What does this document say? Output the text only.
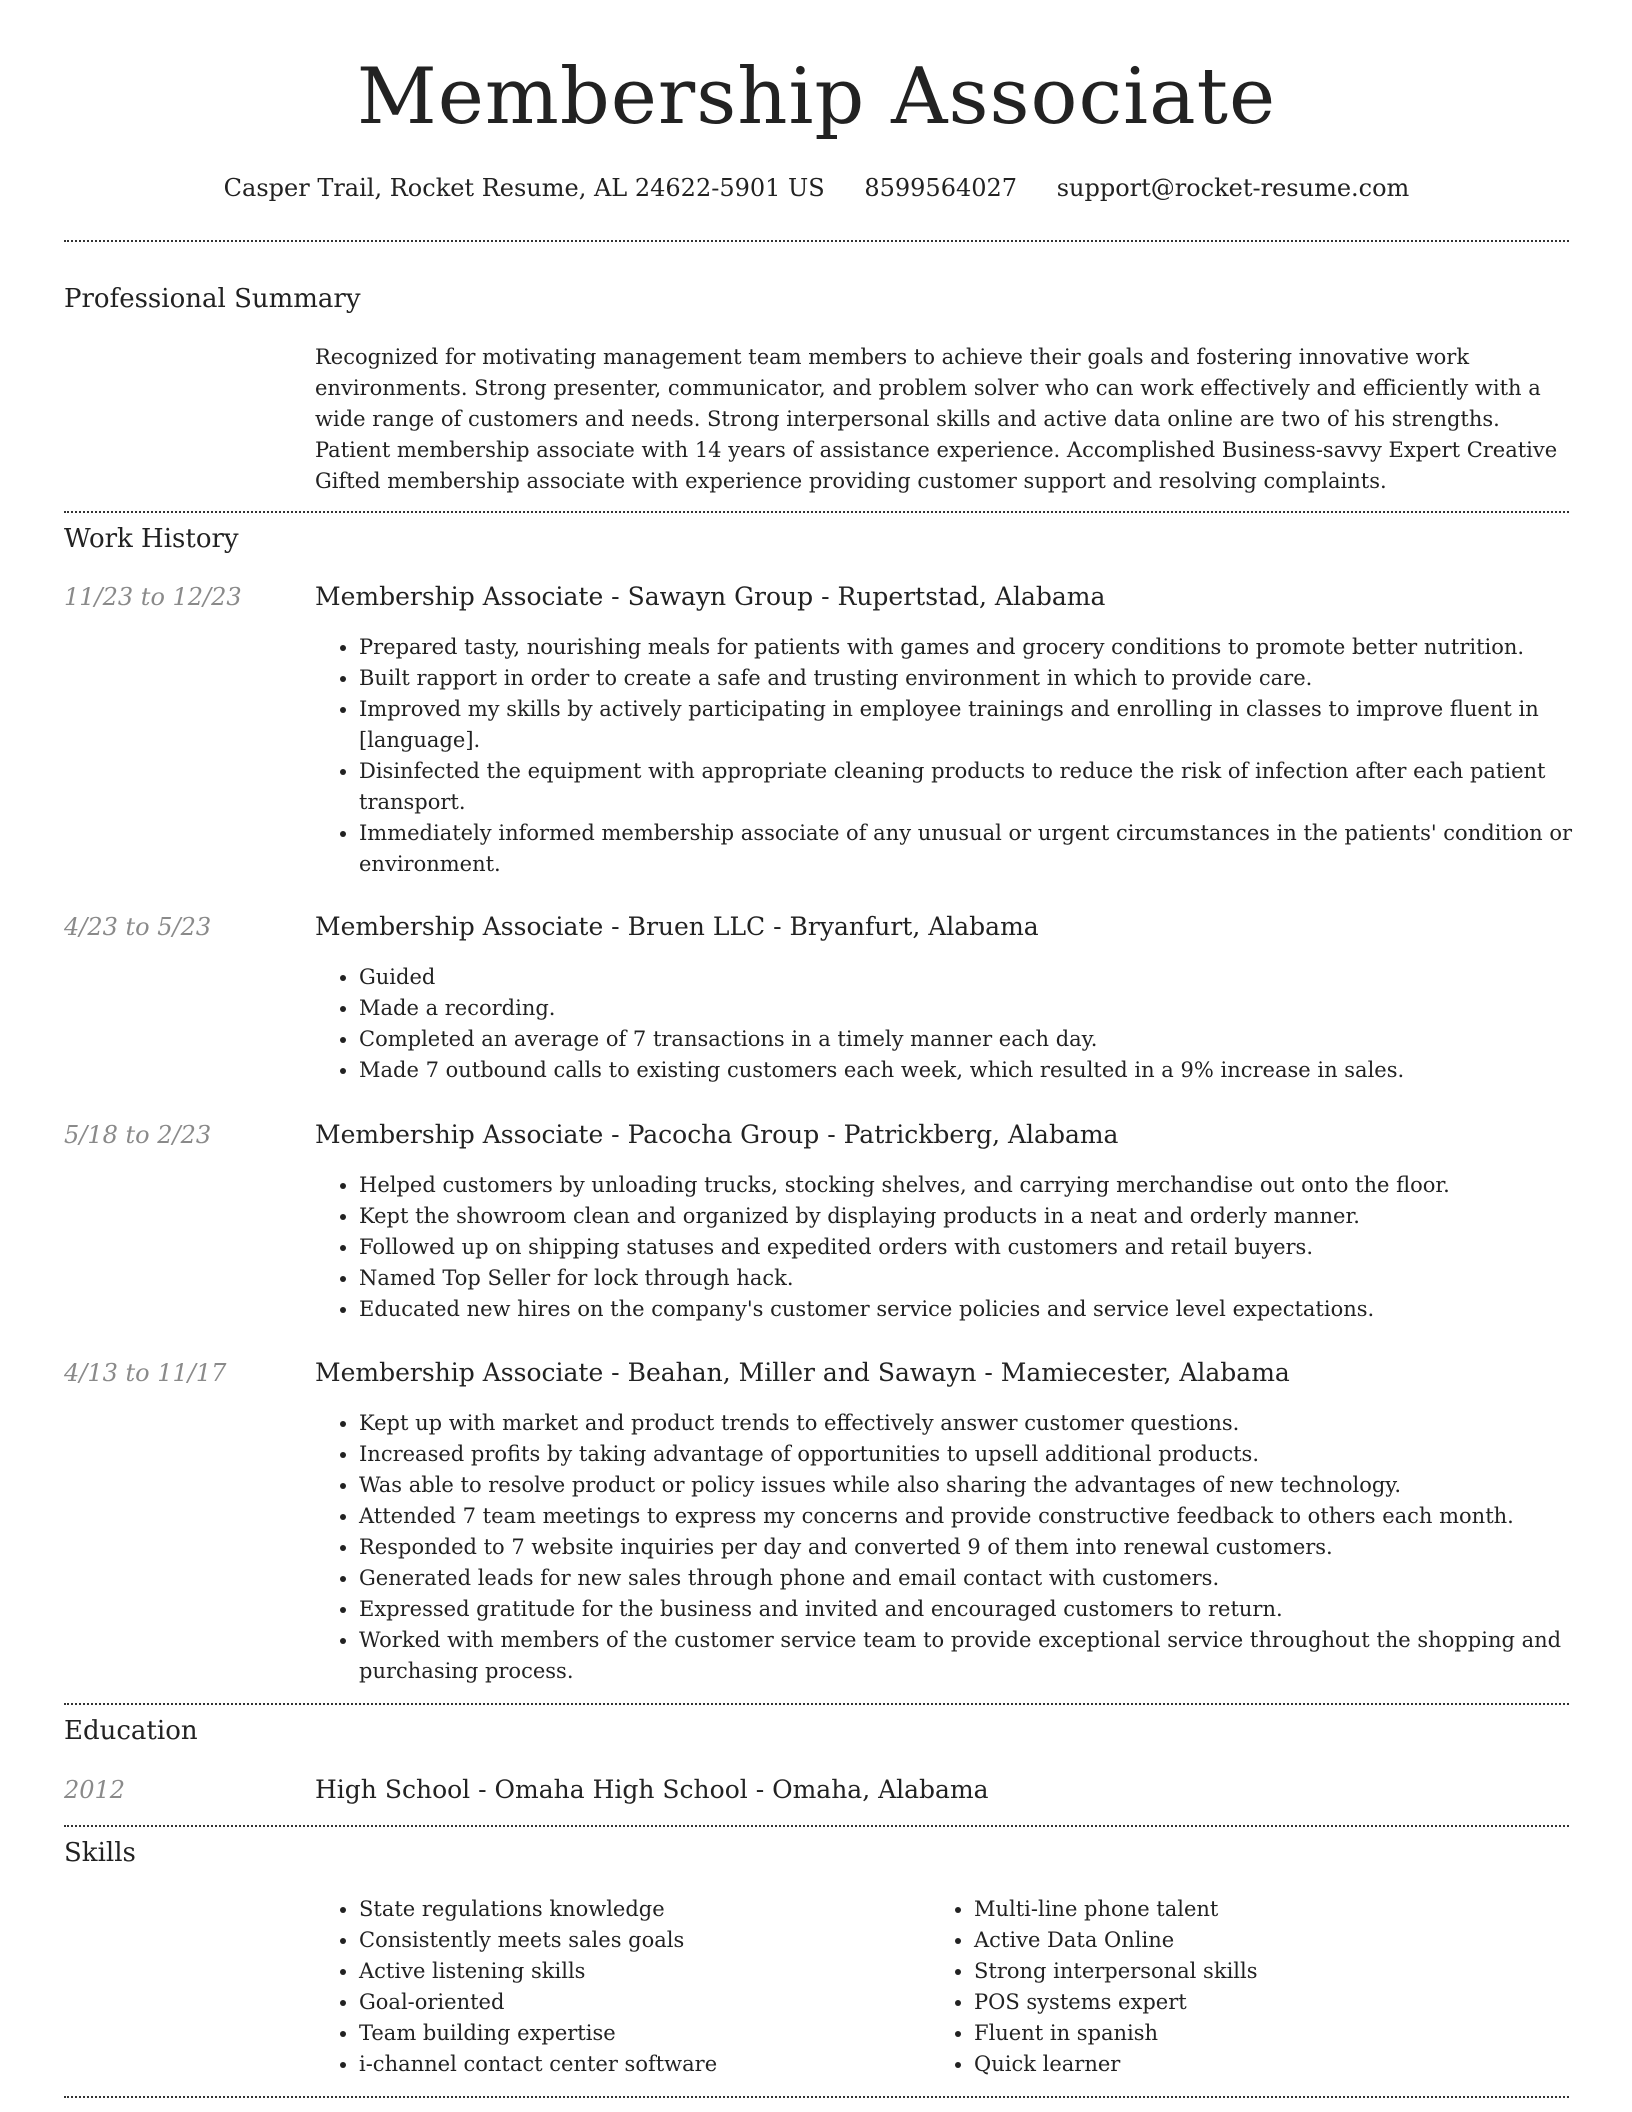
Membership Associate
Casper Trail, Rocket Resume, AL 24622-5901 US 8599564027 support@rocket-resume.com
Professional Summary
Recognized for motivating management team members to achieve their goals and fostering innovative work environments. Strong presenter, communicator, and problem solver who can work effectively and efficiently with a wide range of customers and needs. Strong interpersonal skills and active data online are two of his strengths. Patient membership associate with 14 years of assistance experience. Accomplished Business-savvy Expert Creative Gifted membership associate with experience providing customer support and resolving complaints.
Work History
11/23 to 12/23	Membership Associate - Sawayn Group - Rupertstad, Alabama
• Prepared tasty, nourishing meals for patients with games and grocery conditions to promote better nutrition.
• Built rapport in order to create a safe and trusting environment in which to provide care.
• Improved my skills by actively participating in employee trainings and enrolling in classes to improve fluent in [language].
• Disinfected the equipment with appropriate cleaning products to reduce the risk of infection after each patient transport.
• Immediately informed membership associate of any unusual or urgent circumstances in the patients' condition or environment.
4/23 to 5/23	Membership Associate - Bruen LLC - Bryanfurt, Alabama
• Guided
• Made a recording.
• Completed an average of 7 transactions in a timely manner each day.
• Made 7 outbound calls to existing customers each week, which resulted in a 9% increase in sales.
5/18 to 2/23	Membership Associate - Pacocha Group - Patrickberg, Alabama
• Helped customers by unloading trucks, stocking shelves, and carrying merchandise out onto the floor.
• Kept the showroom clean and organized by displaying products in a neat and orderly manner.
• Followed up on shipping statuses and expedited orders with customers and retail buyers.
• Named Top Seller for lock through hack.
• Educated new hires on the company's customer service policies and service level expectations.
4/13 to 11/17	Membership Associate - Beahan, Miller and Sawayn - Mamiecester, Alabama
• Kept up with market and product trends to effectively answer customer questions.
• Increased profits by taking advantage of opportunities to upsell additional products.
• Was able to resolve product or policy issues while also sharing the advantages of new technology.
• Attended 7 team meetings to express my concerns and provide constructive feedback to others each month.
• Responded to 7 website inquiries per day and converted 9 of them into renewal customers.
• Generated leads for new sales through phone and email contact with customers.
• Expressed gratitude for the business and invited and encouraged customers to return.
• Worked with members of the customer service team to provide exceptional service throughout the shopping and purchasing process.
Education
2012	High School - Omaha High School - Omaha, Alabama
Skills
• State regulations knowledge
• Consistently meets sales goals
• Active listening skills
• Goal-oriented
• Team building expertise
• i-channel contact center software
• Multi-line phone talent
• Active Data Online
• Strong interpersonal skills
• POS systems expert
• Fluent in spanish
• Quick learner
